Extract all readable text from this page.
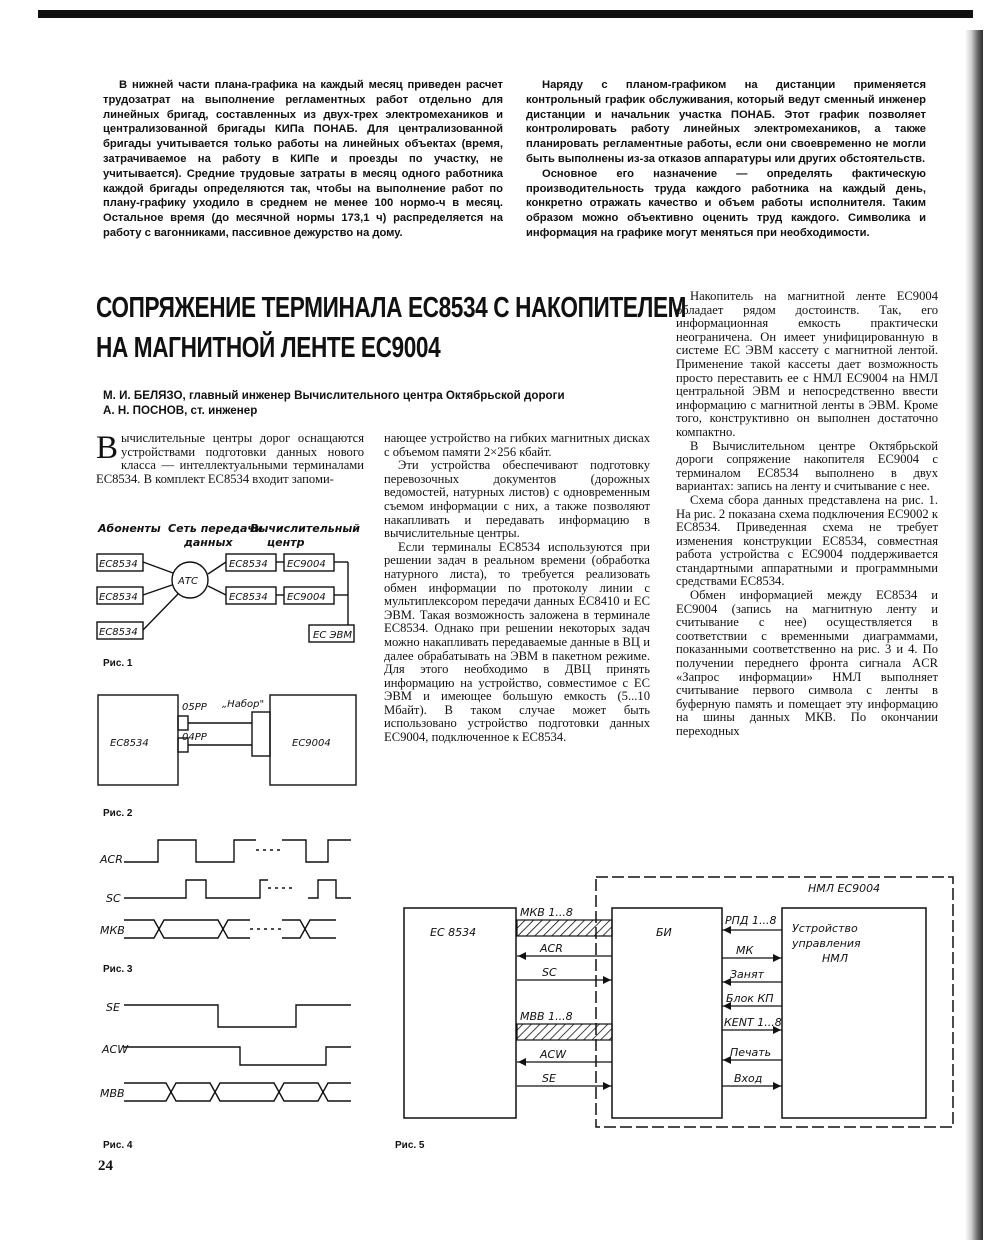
В нижней части плана-графика на каждый месяц приведен расчет трудозатрат на выполнение регламентных работ отдельно для линейных бригад, составленных из двух-трех электромехаников и централизованной бригады КИПа ПОНАБ. Для централизованной бригады учитывается только работы на линейных объектах (время, затрачиваемое на работу в КИПе и проезды по участку, не учитывается). Средние трудовые затраты в месяц одного работника каждой бригады определяются так, чтобы на выполнение работ по плану-графику уходило в среднем не менее 100 нормо-ч в месяц. Остальное время (до месячной нормы 173,1 ч) распределяется на работу с вагонниками, пассивное дежурство на дому.

Наряду с планом-графиком на дистанции применяется контрольный график обслуживания, который ведут сменный инженер дистанции и начальник участка ПОНАБ. Этот график позволяет контролировать работу линейных электромехаников, а также планировать регламентные работы, если они своевременно не могли быть выполнены из-за отказов аппаратуры или других обстоятельств.

Основное его назначение — определять фактическую производительность труда каждого работника на каждый день, конкретно отражать качество и объем работы исполнителя. Таким образом можно объективно оценить труд каждого. Символика и информация на графике могут меняться при необходимости.

СОПРЯЖЕНИЕ ТЕРМИНАЛА ЕС8534 С НАКОПИТЕЛЕМ
НА МАГНИТНОЙ ЛЕНТЕ ЕС9004
М. И. БЕЛЯЗО, главный инженер Вычислительного центра Октябрьской дороги
А. Н. ПОСНОВ, ст. инженер
Вычислительные центры дорог оснащаются устройствами подготовки данных нового класса — интеллектуальными терминалами ЕС8534. В комплект ЕС8534 входит запоми-

нающее устройство на гибких магнитных дисках с объемом памяти 2×256 кбайт.

Эти устройства обеспечивают подготовку перевозочных документов (дорожных ведомостей, натурных листов) с одновременным съемом информации с них, а также позволяют накапливать и передавать информацию в вычислительные центры.

Если терминалы ЕС8534 используются при решении задач в реальном времени (обработка натурного листа), то требуется реализовать обмен информации по протоколу линии с мультиплексором передачи данных ЕС8410 и ЕС ЭВМ. Такая возможность заложена в терминале ЕС8534. Однако при решении некоторых задач можно накапливать передаваемые данные в ВЦ и далее обрабатывать на ЭВМ в пакетном режиме. Для этого необходимо в ДВЦ принять информацию на устройство, совместимое с ЕС ЭВМ и имеющее большую емкость (5...10 Мбайт). В таком случае может быть использовано устройство подготовки данных ЕС9004, подключенное к ЕС8534.

Накопитель на магнитной ленте ЕС9004 обладает рядом достоинств. Так, его информационная емкость практически неограничена. Он имеет унифицированную в системе ЕС ЭВМ кассету с магнитной лентой. Применение такой кассеты дает возможность просто переставить ее с НМЛ ЕС9004 на НМЛ центральной ЭВМ и непосредственно ввести информацию с магнитной ленты в ЭВМ. Кроме того, конструктивно он выполнен достаточно компактно.

В Вычислительном центре Октябрьской дороги сопряжение накопителя ЕС9004 с терминалом ЕС8534 выполнено в двух вариантах: запись на ленту и считывание с нее.

Схема сбора данных представлена на рис. 1. На рис. 2 показана схема подключения ЕС9002 к ЕС8534. Приведенная схема не требует изменения конструкции ЕС8534, совместная работа устройства с ЕС9004 поддерживается стандартными аппаратными и программными средствами ЕС8534.

Обмен информацией между ЕС8534 и ЕС9004 (запись на магнитную ленту и считывание с нее) осуществляется в соответствии с временными диаграммами, показанными соответственно на рис. 3 и 4. По получении переднего фронта сигнала ACR «Запрос информации» НМЛ выполняет считывание первого символа с ленты в буферную память и помещает эту информацию на шины данных МКВ. По окончании переходных

Абоненты Сеть передачи
данных
Вычислительный
центр
ЕС8534
ЕС8534
ЕС8534
АТС
ЕС8534
ЕС8534
ЕС9004
ЕС9004
ЕС ЭВМ
Рис. 1
ЕС8534	ЕС9004
05РР
04РР
„Набор"
Рис. 2
ACR
SC
МКВ
Рис. 3
SE
ACW
МВВ
Рис. 4
24
НМЛ ЕС9004
ЕС 8534	БИ
МКВ 1...8
ACR
SC
МВВ 1...8
ACW
SE
РПД 1...8
МК
Занят
Блок КП
КЕNT 1...8
Печать
Вход
Устройство
управления
НМЛ
Рис. 5
